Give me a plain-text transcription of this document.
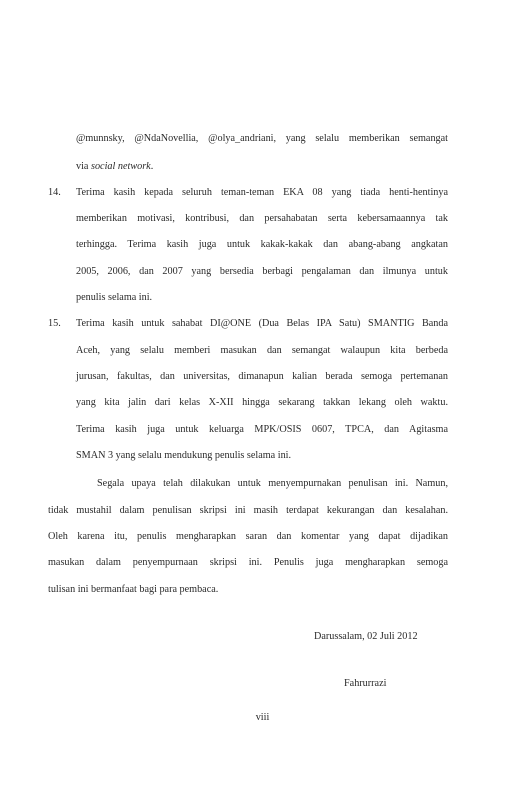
@munnsky, @NdaNovellia, @olya_andriani, yang selalu memberikan semangat
via social network.
14. Terima kasih kepada seluruh teman-teman EKA 08 yang tiada henti-hentinya
memberikan motivasi, kontribusi, dan persahabatan serta kebersamaannya tak
terhingga. Terima kasih juga untuk kakak-kakak dan abang-abang angkatan
2005, 2006, dan 2007 yang bersedia berbagi pengalaman dan ilmunya untuk
penulis selama ini.
15. Terima kasih untuk sahabat DI@ONE (Dua Belas IPA Satu) SMANTIG Banda
Aceh, yang selalu memberi masukan dan semangat walaupun kita berbeda
jurusan, fakultas, dan universitas, dimanapun kalian berada semoga pertemanan
yang kita jalin dari kelas X-XII hingga sekarang takkan lekang oleh waktu.
Terima kasih juga untuk keluarga MPK/OSIS 0607, TPCA, dan Agitasma
SMAN 3 yang selalu mendukung penulis selama ini.
Segala upaya telah dilakukan untuk menyempurnakan penulisan ini. Namun,
tidak mustahil dalam penulisan skripsi ini masih terdapat kekurangan dan kesalahan.
Oleh karena itu, penulis mengharapkan saran dan komentar yang dapat dijadikan
masukan dalam penyempurnaan skripsi ini. Penulis juga mengharapkan semoga
tulisan ini bermanfaat bagi para pembaca.
Darussalam, 02 Juli 2012
Fahrurrazi
viii
